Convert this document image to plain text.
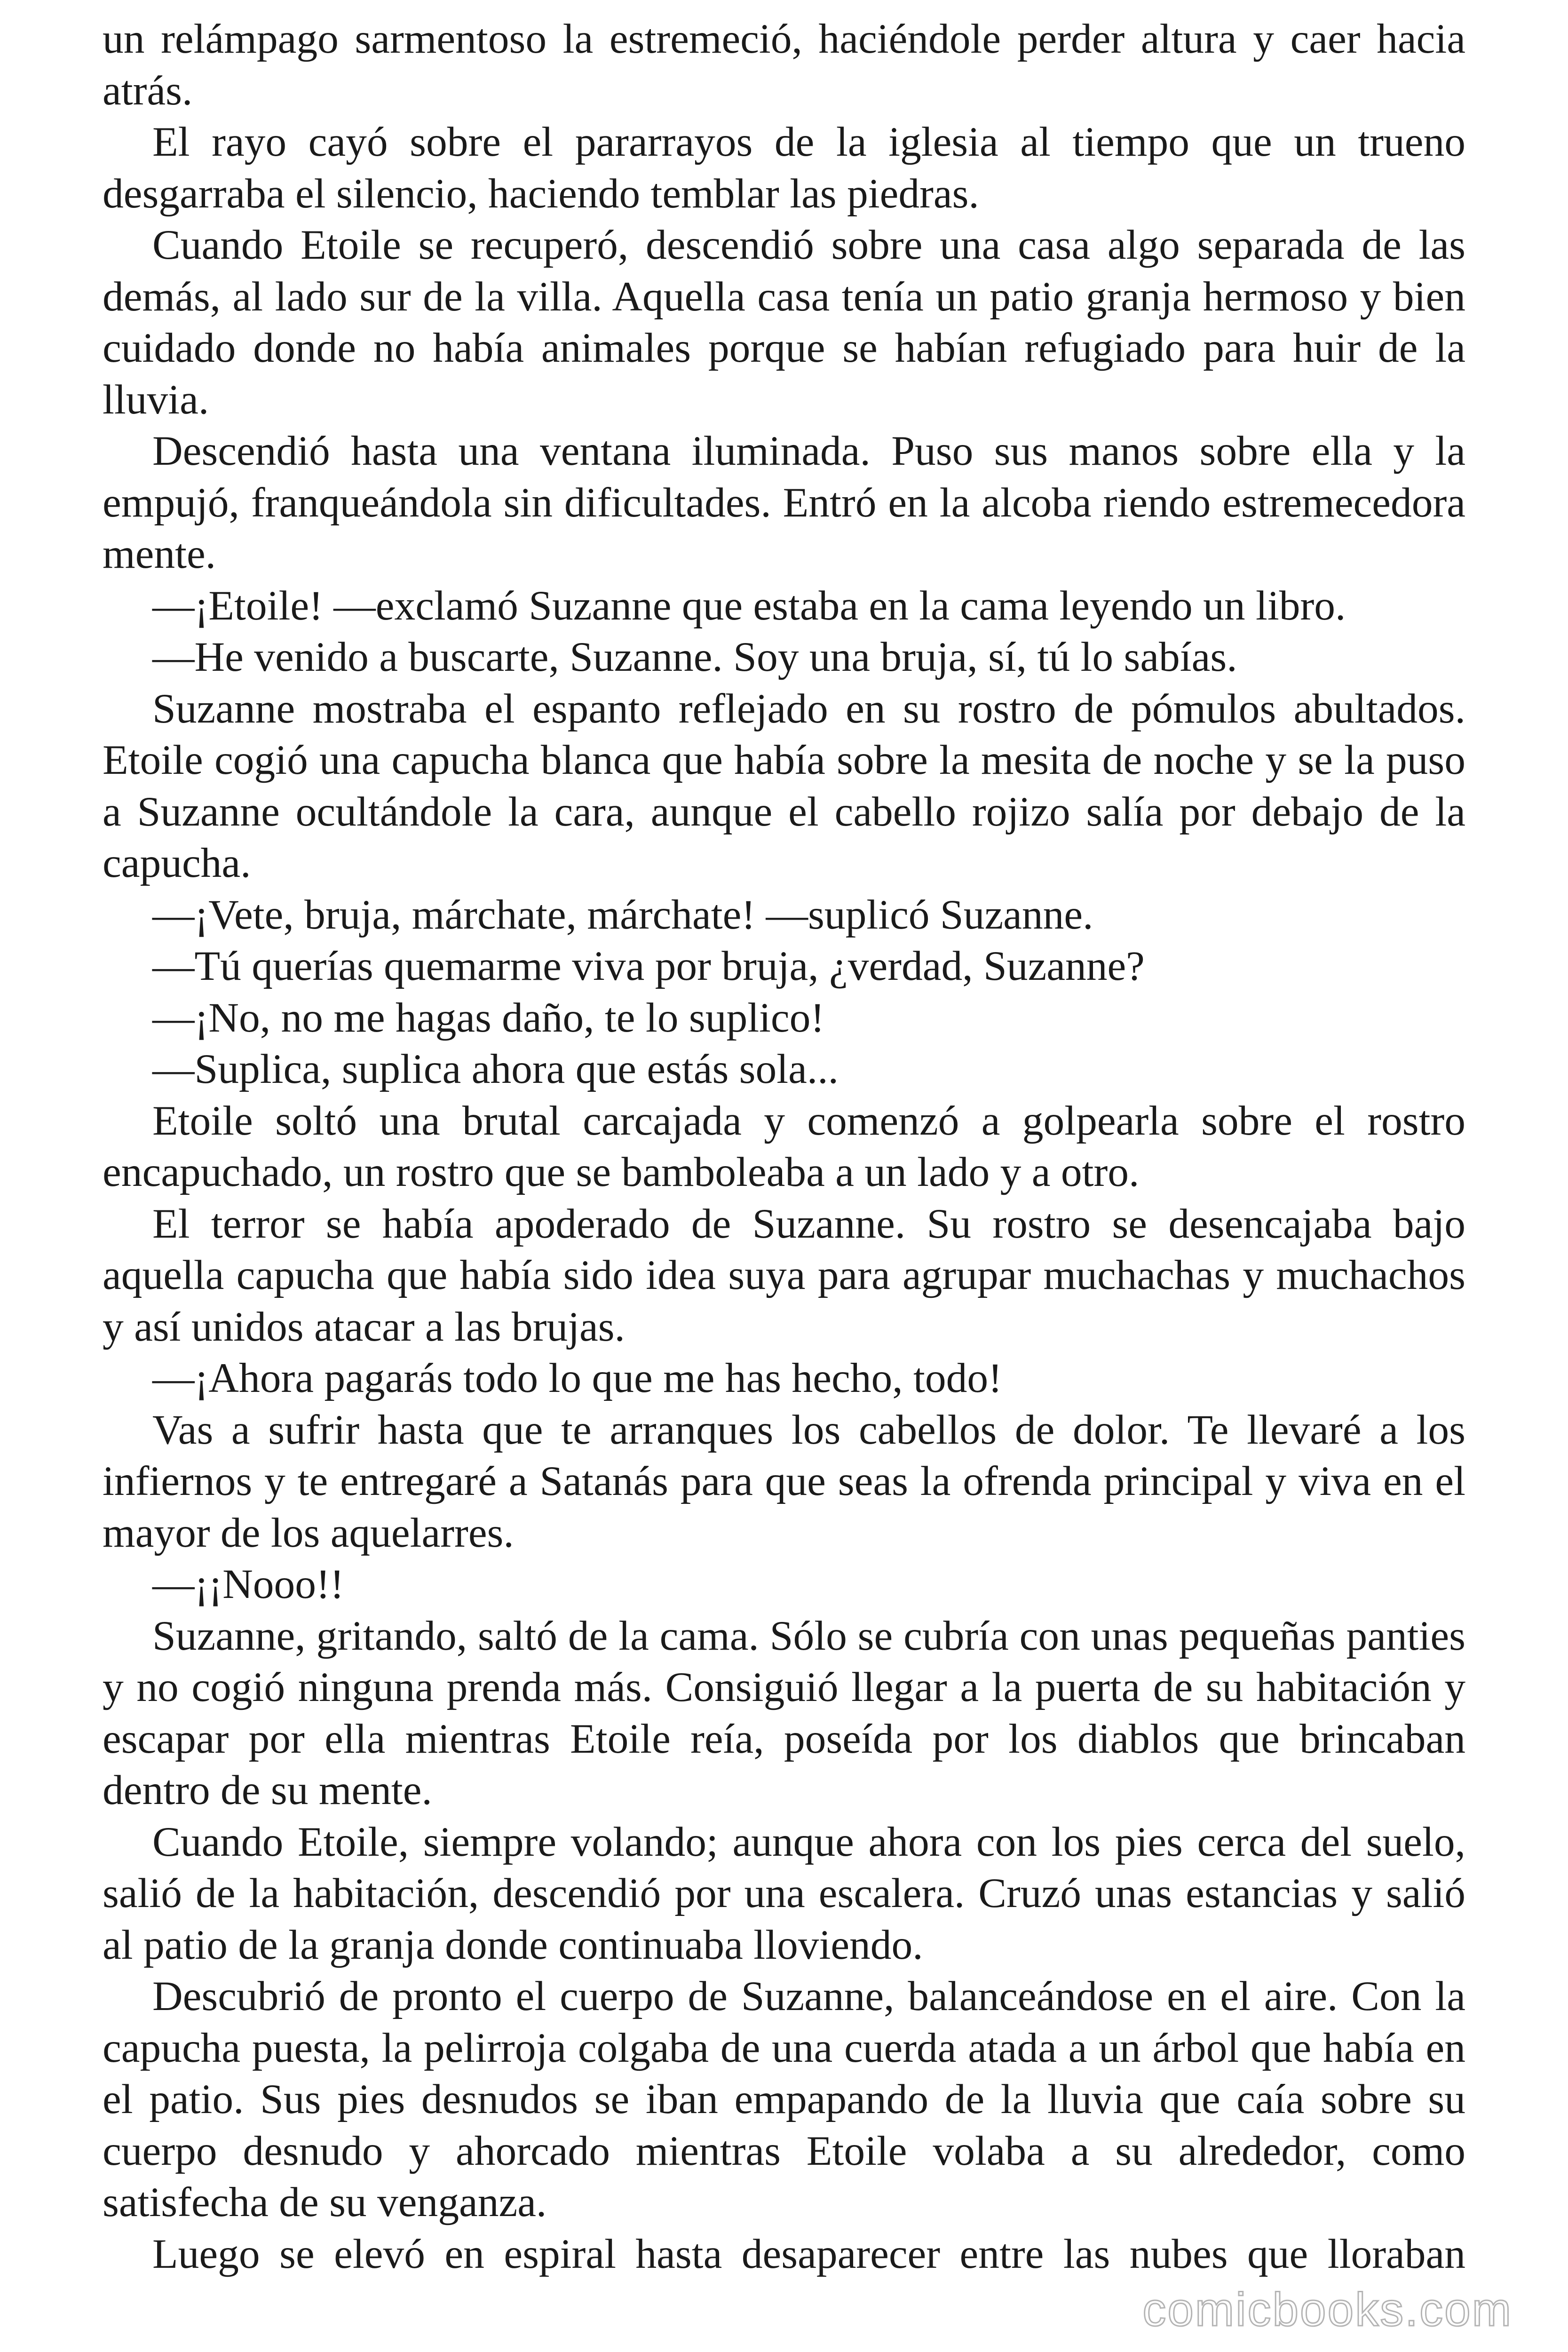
un relámpago sarmentoso la estremeció, haciéndole perder altura y caer hacia atrás.

El rayo cayó sobre el pararrayos de la iglesia al tiempo que un trueno desgarraba el silencio, haciendo temblar las piedras.

Cuando Etoile se recuperó, descendió sobre una casa algo separada de las demás, al lado sur de la villa. Aquella casa tenía un patio granja hermoso y bien cuidado donde no había animales porque se habían refugiado para huir de la lluvia.

Descendió hasta una ventana iluminada. Puso sus manos sobre ella y la empujó, franqueándola sin dificultades. Entró en la alcoba riendo estremecedora mente.

—¡Etoile! —exclamó Suzanne que estaba en la cama leyendo un libro.

—He venido a buscarte, Suzanne. Soy una bruja, sí, tú lo sabías.

Suzanne mostraba el espanto reflejado en su rostro de pómulos abultados. Etoile cogió una capucha blanca que había sobre la mesita de noche y se la puso a Suzanne ocultándole la cara, aunque el cabello rojizo salía por debajo de la capucha.

—¡Vete, bruja, márchate, márchate! —suplicó Suzanne.

—Tú querías quemarme viva por bruja, ¿verdad, Suzanne?

—¡No, no me hagas daño, te lo suplico!

—Suplica, suplica ahora que estás sola...

Etoile soltó una brutal carcajada y comenzó a golpearla sobre el rostro encapuchado, un rostro que se bamboleaba a un lado y a otro.

El terror se había apoderado de Suzanne. Su rostro se desencajaba bajo aquella capucha que había sido idea suya para agrupar muchachas y muchachos y así unidos atacar a las brujas.

—¡Ahora pagarás todo lo que me has hecho, todo!

Vas a sufrir hasta que te arranques los cabellos de dolor. Te llevaré a los infiernos y te entregaré a Satanás para que seas la ofrenda principal y viva en el mayor de los aquelarres.

—¡¡Nooo!!

Suzanne, gritando, saltó de la cama. Sólo se cubría con unas pequeñas panties y no cogió ninguna prenda más. Consiguió llegar a la puerta de su habitación y escapar por ella mientras Etoile reía, poseída por los diablos que brincaban dentro de su mente.

Cuando Etoile, siempre volando; aunque ahora con los pies cerca del suelo, salió de la habitación, descendió por una escalera. Cruzó unas estancias y salió al patio de la granja donde continuaba lloviendo.

Descubrió de pronto el cuerpo de Suzanne, balanceándose en el aire. Con la capucha puesta, la pelirroja colgaba de una cuerda atada a un árbol que había en el patio. Sus pies desnudos se iban empapando de la lluvia que caía sobre su cuerpo desnudo y ahorcado mientras Etoile volaba a su alrededor, como satisfecha de su venganza.

Luego se elevó en espiral hasta desaparecer entre las nubes que lloraban

comicbooks.com
